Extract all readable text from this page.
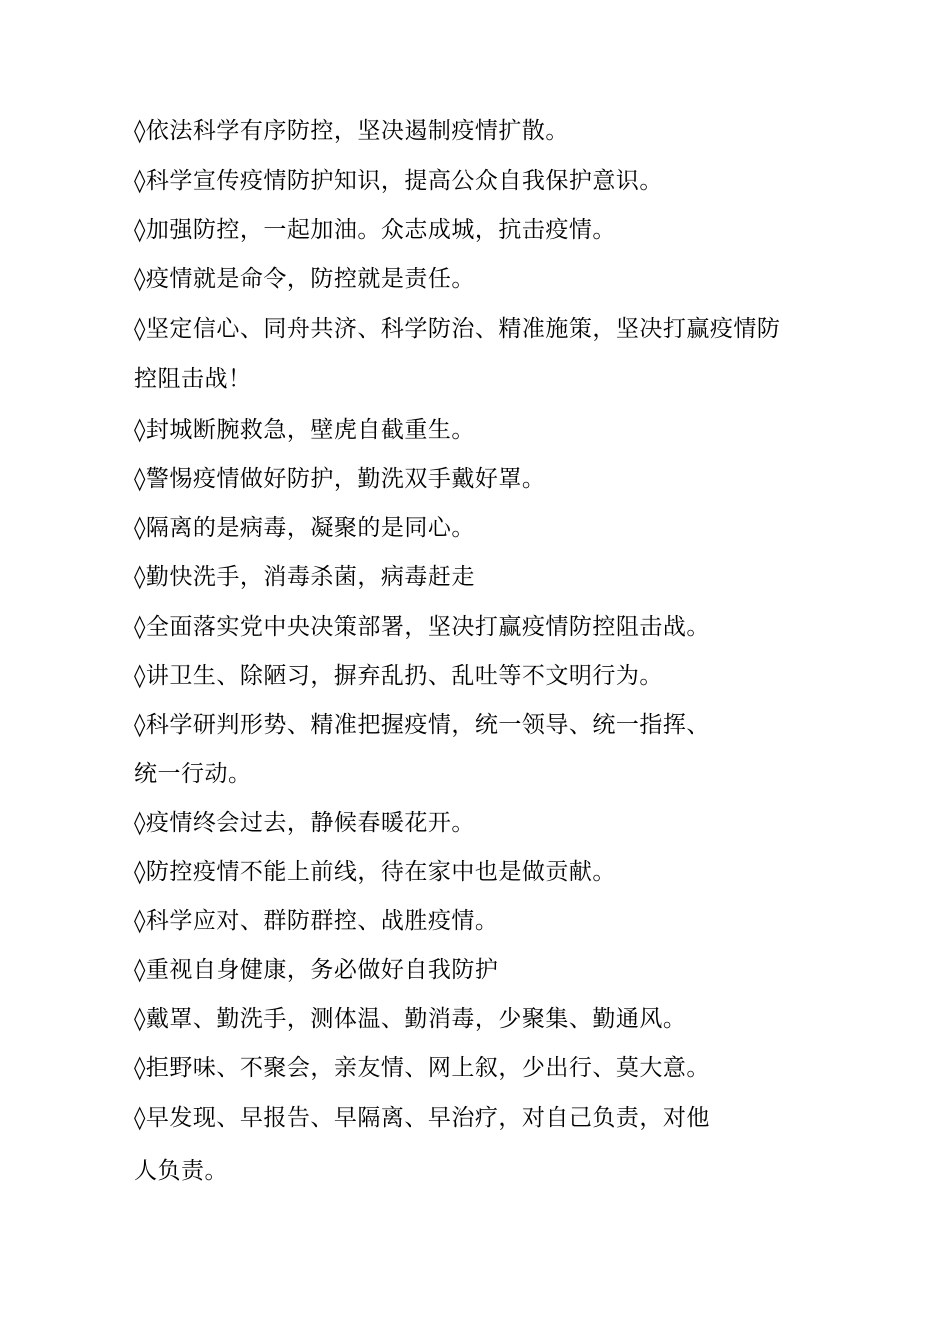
◊依法科学有序防控，坚决遏制疫情扩散。
◊科学宣传疫情防护知识，提高公众自我保护意识。
◊加强防控，一起加油。众志成城，抗击疫情。
◊疫情就是命令，防控就是责任。
◊坚定信心、同舟共济、科学防治、精准施策，坚决打赢疫情防
控阻击战！
◊封城断腕救急，壁虎自截重生。
◊警惕疫情做好防护，勤洗双手戴好罩。
◊隔离的是病毒，凝聚的是同心。
◊勤快洗手，消毒杀菌，病毒赶走
◊全面落实党中央决策部署，坚决打赢疫情防控阻击战。
◊讲卫生、除陋习，摒弃乱扔、乱吐等不文明行为。
◊科学研判形势、精准把握疫情，统一领导、统一指挥、
统一行动。
◊疫情终会过去，静候春暖花开。
◊防控疫情不能上前线，待在家中也是做贡献。
◊科学应对、群防群控、战胜疫情。
◊重视自身健康，务必做好自我防护
◊戴罩、勤洗手，测体温、勤消毒，少聚集、勤通风。
◊拒野味、不聚会，亲友情、网上叙，少出行、莫大意。
◊早发现、早报告、早隔离、早治疗，对自己负责，对他
人负责。
